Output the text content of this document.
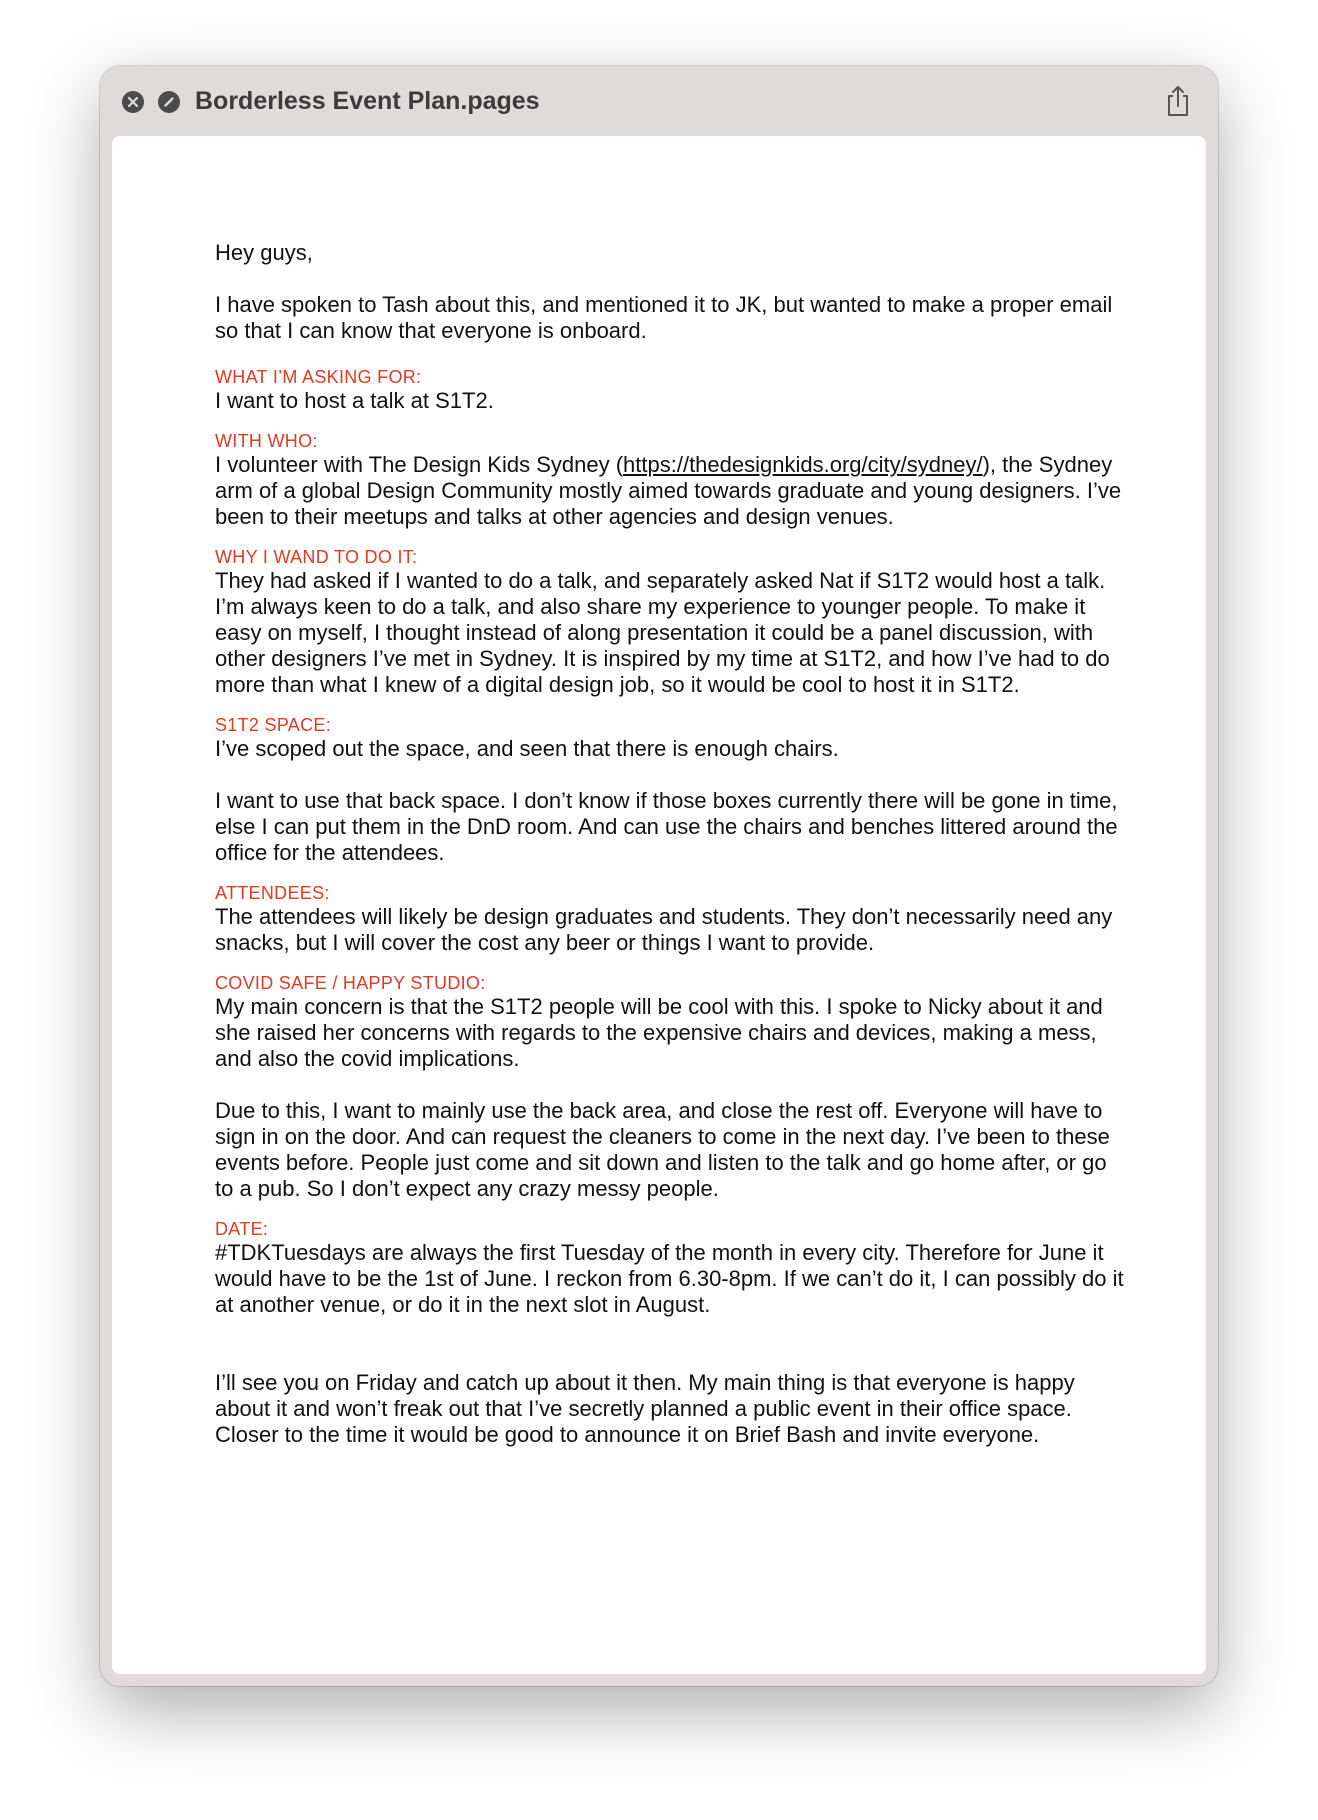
Borderless Event Plan.pages

Hey guys,

I have spoken to Tash about this, and mentioned it to JK, but wanted to make a proper email so that I can know that everyone is onboard.

WHAT I’M ASKING FOR:

I want to host a talk at S1T2.

WITH WHO:

I volunteer with The Design Kids Sydney (https://thedesignkids.org/city/sydney/), the Sydney arm of a global Design Community mostly aimed towards graduate and young designers. I’ve been to their meetups and talks at other agencies and design venues.

WHY I WAND TO DO IT:

They had asked if I wanted to do a talk, and separately asked Nat if S1T2 would host a talk. I’m always keen to do a talk, and also share my experience to younger people. To make it easy on myself, I thought instead of along presentation it could be a panel discussion, with other designers I’ve met in Sydney. It is inspired by my time at S1T2, and how I’ve had to do more than what I knew of a digital design job, so it would be cool to host it in S1T2.

S1T2 SPACE:

I’ve scoped out the space, and seen that there is enough chairs.

I want to use that back space. I don’t know if those boxes currently there will be gone in time, else I can put them in the DnD room. And can use the chairs and benches littered around the office for the attendees.

ATTENDEES:

The attendees will likely be design graduates and students. They don’t necessarily need any snacks, but I will cover the cost any beer or things I want to provide.

COVID SAFE / HAPPY STUDIO:

My main concern is that the S1T2 people will be cool with this. I spoke to Nicky about it and she raised her concerns with regards to the expensive chairs and devices, making a mess, and also the covid implications.

Due to this, I want to mainly use the back area, and close the rest off. Everyone will have to sign in on the door. And can request the cleaners to come in the next day. I’ve been to these events before. People just come and sit down and listen to the talk and go home after, or go to a pub. So I don’t expect any crazy messy people.

DATE:

#TDKTuesdays are always the first Tuesday of the month in every city. Therefore for June it would have to be the 1st of June. I reckon from 6.30-8pm. If we can’t do it, I can possibly do it at another venue, or do it in the next slot in August.

I’ll see you on Friday and catch up about it then. My main thing is that everyone is happy about it and won’t freak out that I’ve secretly planned a public event in their office space. Closer to the time it would be good to announce it on Brief Bash and invite everyone.
